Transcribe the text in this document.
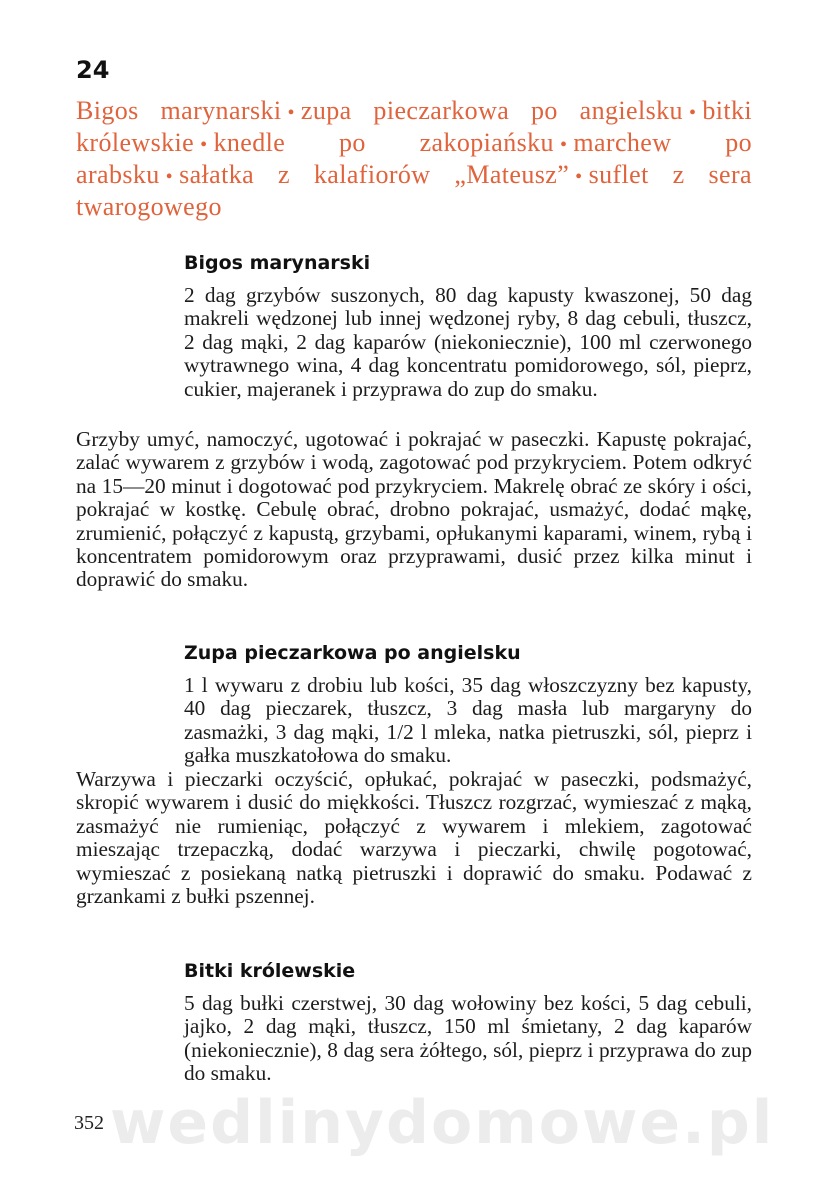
wedlinydomowe.pl
24
Bigos marynarski • zupa pieczarkowa po angielsku • bitki królewskie • knedle po zakopiańsku • marchew po arabsku • sałatka z kalafiorów „Mateusz” • suflet z sera twarogowego
Bigos marynarski
2 dag grzybów suszonych, 80 dag kapusty kwaszonej, 50 dag makreli wędzonej lub innej wędzonej ryby, 8 dag cebuli, tłuszcz, 2 dag mąki, 2 dag kaparów (niekoniecznie), 100 ml czerwonego wytrawnego wina, 4 dag koncentratu pomidorowego, sól, pieprz, cukier, majeranek i przyprawa do zup do smaku.
Grzyby umyć, namoczyć, ugotować i pokrajać w paseczki. Kapustę pokrajać, zalać wywarem z grzybów i wodą, zagotować pod przykryciem. Potem odkryć na 15—20 minut i dogotować pod przykryciem. Makrelę obrać ze skóry i ości, pokrajać w kostkę. Cebulę obrać, drobno pokrajać, usmażyć, dodać mąkę, zrumienić, połączyć z kapustą, grzybami, opłukanymi kaparami, winem, rybą i koncentratem pomidorowym oraz przyprawami, dusić przez kilka minut i doprawić do smaku.
Zupa pieczarkowa po angielsku
1 l wywaru z drobiu lub kości, 35 dag włoszczyzny bez kapusty, 40 dag pieczarek, tłuszcz, 3 dag masła lub margaryny do zasmażki, 3 dag mąki, 1/2 l mleka, natka pietruszki, sól, pieprz i gałka muszkatołowa do smaku.
Warzywa i pieczarki oczyścić, opłukać, pokrajać w paseczki, podsmażyć, skropić wywarem i dusić do miękkości. Tłuszcz rozgrzać, wymieszać z mąką, zasmażyć nie rumieniąc, połączyć z wywarem i mlekiem, zagotować mieszając trzepaczką, dodać warzywa i pieczarki, chwilę pogotować, wymieszać z posiekaną natką pietruszki i doprawić do smaku. Podawać z grzankami z bułki pszennej.
Bitki królewskie
5 dag bułki czerstwej, 30 dag wołowiny bez kości, 5 dag cebuli, jajko, 2 dag mąki, tłuszcz, 150 ml śmietany, 2 dag kaparów (niekoniecznie), 8 dag sera żółtego, sól, pieprz i przyprawa do zup do smaku.
352
